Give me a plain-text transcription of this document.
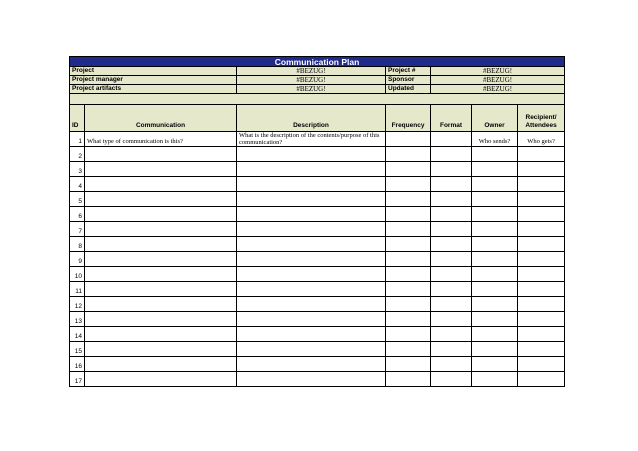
Communication Plan						
Project		#BEZUG!	Project #	#BEZUG!		
Project manager		#BEZUG!	Sponsor	#BEZUG!		
Project artifacts		#BEZUG!	Updated	#BEZUG!		

ID	Communication	Description	Frequency	Format	Owner	Recipient/ Attendees
1	What type of communication is this?	What is the description of the contents/purpose of this communication?			Who sends?	Who gets?
2						
3						
4						
5						
6						
7						
8						
9						
10						
11						
12						
13						
14						
15						
16						
17						
